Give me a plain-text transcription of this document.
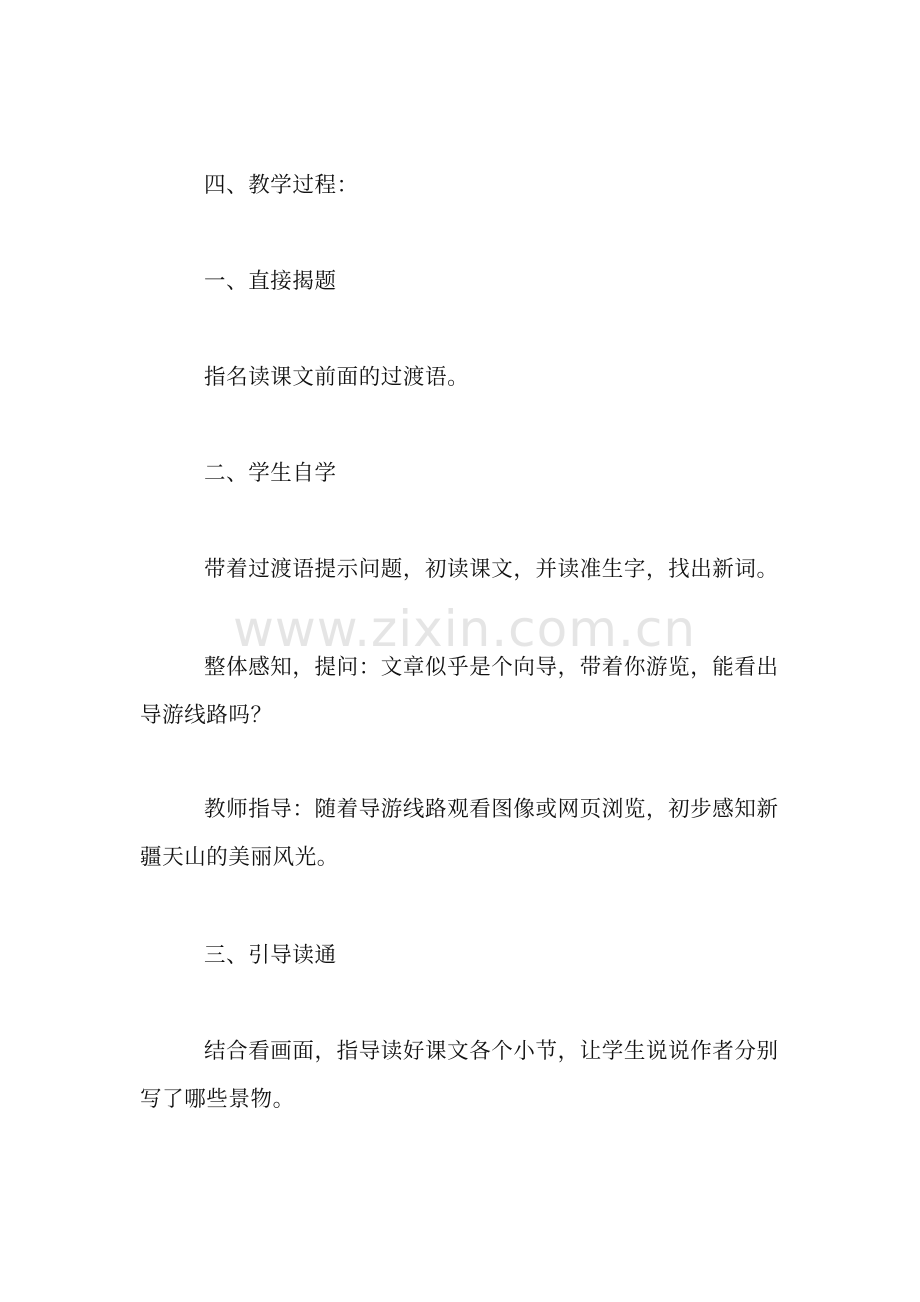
www.zixin.com.cn

四、教学过程：

一、直接揭题

指名读课文前面的过渡语。

二、学生自学

带着过渡语提示问题，初读课文，并读准生字，找出新词。

整体感知，提问：文章似乎是个向导，带着你游览，能看出导游线路吗？

教师指导：随着导游线路观看图像或网页浏览，初步感知新疆天山的美丽风光。

三、引导读通

结合看画面，指导读好课文各个小节，让学生说说作者分别写了哪些景物。
